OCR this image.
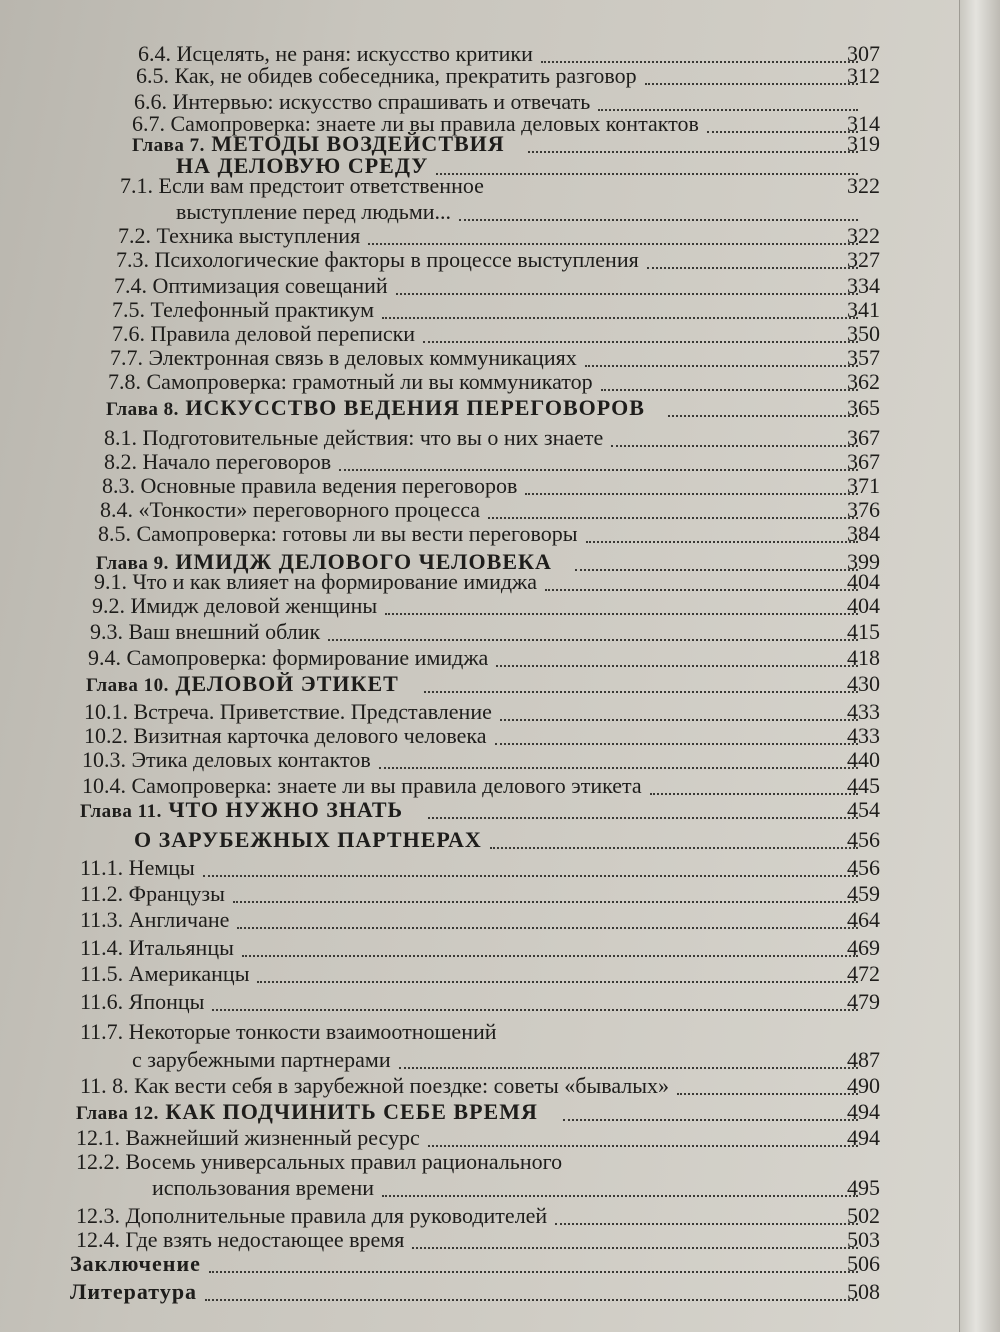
6.4. Исцелять, не раня: искусство критики	307
6.5. Как, не обидев собеседника, прекратить разговор	312
6.6. Интервью: искусство спрашивать и отвечать
6.7. Самопроверка: знаете ли вы правила деловых контактов	314
Глава 7. МЕТОДЫ ВОЗДЕЙСТВИЯ	319
НА ДЕЛОВУЮ СРЕДУ
7.1. Если вам предстоит ответственное	322
выступление перед людьми...
7.2. Техника выступления	322
7.3. Психологические факторы в процессе выступления	327
7.4. Оптимизация совещаний	334
7.5. Телефонный практикум	341
7.6. Правила деловой переписки	350
7.7. Электронная связь в деловых коммуникациях	357
7.8. Самопроверка: грамотный ли вы коммуникатор	362
Глава 8. ИСКУССТВО ВЕДЕНИЯ ПЕРЕГОВОРОВ	365
8.1. Подготовительные действия: что вы о них знаете	367
8.2. Начало переговоров	367
8.3. Основные правила ведения переговоров	371
8.4. «Тонкости» переговорного процесса	376
8.5. Самопроверка: готовы ли вы вести переговоры	384
Глава 9. ИМИДЖ ДЕЛОВОГО ЧЕЛОВЕКА	399
9.1. Что и как влияет на формирование имиджа	404
9.2. Имидж деловой женщины	404
9.3. Ваш внешний облик	415
9.4. Самопроверка: формирование имиджа	418
Глава 10. ДЕЛОВОЙ ЭТИКЕТ	430
10.1. Встреча. Приветствие. Представление	433
10.2. Визитная карточка делового человека	433
10.3. Этика деловых контактов	440
10.4. Самопроверка: знаете ли вы правила делового этикета	445
Глава 11. ЧТО НУЖНО ЗНАТЬ	454
О ЗАРУБЕЖНЫХ ПАРТНЕРАХ	456
11.1. Немцы	456
11.2. Французы	459
11.3. Англичане	464
11.4. Итальянцы	469
11.5. Американцы	472
11.6. Японцы	479
11.7. Некоторые тонкости взаимоотношений
с зарубежными партнерами	487
11. 8. Как вести себя в зарубежной поездке: советы «бывалых»	490
Глава 12. КАК ПОДЧИНИТЬ СЕБЕ ВРЕМЯ	494
12.1. Важнейший жизненный ресурс	494
12.2. Восемь универсальных правил рационального
использования времени	495
12.3. Дополнительные правила для руководителей	502
12.4. Где взять недостающее время	503
Заключение	506
Литература	508
